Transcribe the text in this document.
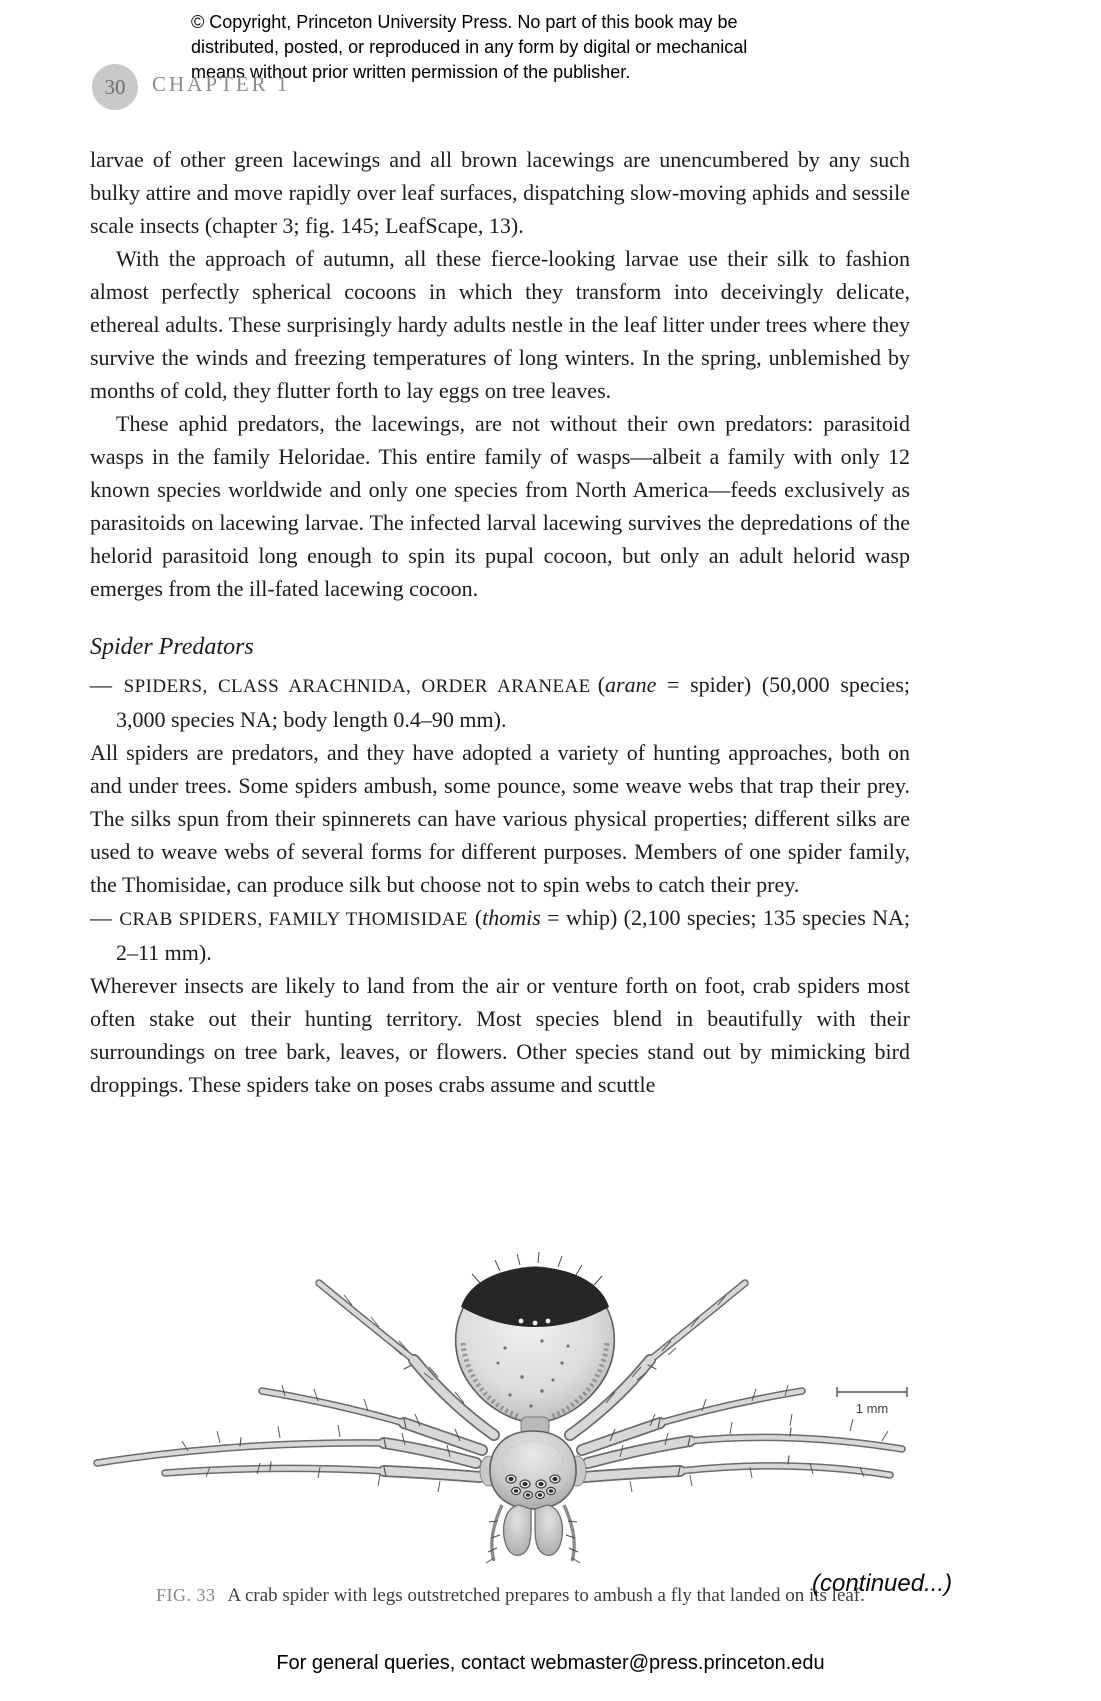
© Copyright, Princeton University Press. No part of this book may be
distributed, posted, or reproduced in any form by digital or mechanical
means without prior written permission of the publisher.
30 CHAPTER 1

larvae of other green lacewings and all brown lacewings are unencumbered by any such bulky attire and move rapidly over leaf surfaces, dispatching slow-moving aphids and sessile scale insects (chapter 3; fig. 145; LeafScape, 13).

With the approach of autumn, all these fierce-looking larvae use their silk to fashion almost perfectly spherical cocoons in which they transform into deceivingly delicate, ethereal adults. These surprisingly hardy adults nestle in the leaf litter under trees where they survive the winds and freezing temperatures of long winters. In the spring, unblemished by months of cold, they flutter forth to lay eggs on tree leaves.

These aphid predators, the lacewings, are not without their own predators: parasitoid wasps in the family Heloridae. This entire family of wasps—albeit a family with only 12 known species worldwide and only one species from North America—feeds exclusively as parasitoids on lacewing larvae. The infected larval lacewing survives the depredations of the helorid parasitoid long enough to spin its pupal cocoon, but only an adult helorid wasp emerges from the ill-fated lacewing cocoon.

Spider Predators

— SPIDERS, CLASS ARACHNIDA, ORDER ARANEAE (arane = spider) (50,000 species; 3,000 species NA; body length 0.4–90 mm).

All spiders are predators, and they have adopted a variety of hunting approaches, both on and under trees. Some spiders ambush, some pounce, some weave webs that trap their prey. The silks spun from their spinnerets can have various physical properties; different silks are used to weave webs of several forms for different purposes. Members of one spider family, the Thomisidae, can produce silk but choose not to spin webs to catch their prey.

— CRAB SPIDERS, FAMILY THOMISIDAE (thomis = whip) (2,100 species; 135 species NA; 2–11 mm).

Wherever insects are likely to land from the air or venture forth on foot, crab spiders most often stake out their hunting territory. Most species blend in beautifully with their surroundings on tree bark, leaves, or flowers. Other species stand out by mimicking bird droppings. These spiders take on poses crabs assume and scuttle

1 mm
FIG. 33 A crab spider with legs outstretched prepares to ambush a fly that landed on its leaf.
(continued...)
For general queries, contact webmaster@press.princeton.edu
